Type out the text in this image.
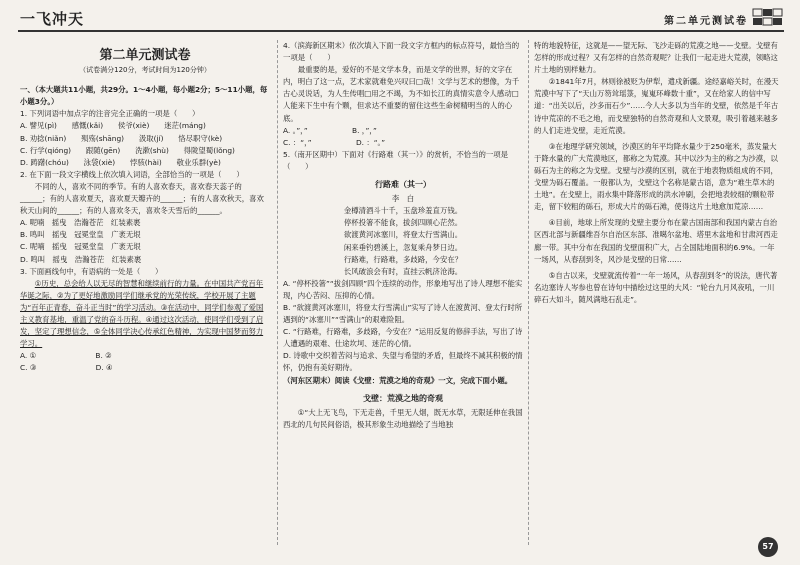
一飞冲天	第二单元测试卷
第二单元测试卷
（试卷满分120分，考试时间为120分钟）

一、（本大题共11小题，共29分。1～4小题，每小题2分；5～11小题，每小题3分。）

1. 下列词语中加点字的注音完全正确的一项是（　　）

A. 譬见(pì)　　感慨(kǎi)　　侯爷(xiè)　　迷茫(máng)

B. 劝捻(niǎn)　　殒殇(shāng)　　汲取(jí)　　恪尽职守(kè)

C. 行学(qióng)　　跟随(gēn)　　洗漱(shù)　　得陇望蜀(lǒng)

D. 踌躇(chóu)　　泳袋(xiè)　　悖骇(hài)　　敬业乐群(yè)

2. 在下面一段文字横线上依次填入词语，全部恰当的一项是（　　）

不同的人，喜欢不同的季节。有的人喜欢春天，喜欢春天蕊子的______；有的人喜欢夏天，喜欢夏天瓣卉的______；有的人喜欢秋天，喜欢秋天山间的______；有的人喜欢冬天，喜欢冬天雪后的______。

A. 呢喃　摇曳　浩瀚苍茫　红装素裹

B. 鸣叫　摇曳　冠冕堂皇　广袤无垠

C. 呢喃　摇曳　冠冕堂皇　广袤无垠

D. 鸣叫　摇曳　浩瀚苍茫　红装素裹

3. 下面画线句中，有语病的一处是（　　）

①历史，总会给人以无尽的智慧和继续前行的力量。在中国共产党百年华诞之际，②为了更好地激励同学们继承党的光荣传统，学校开展了主题为“百年正青春，奋斗正当时”的学习活动。③在活动中，同学们参观了爱国主义教育基地，重温了党的奋斗历程。④通过这次活动，使同学们受到了启发，坚定了理想信念，⑤全体同学决心传承红色精神，为实现中国梦而努力学习。

A. ①　　　　　　　　B. ②

C. ③　　　　　　　　D. ④

4.（滨海新区期末）依次填入下面一段文字方框内的标点符号，最恰当的一项是（　　）

最重要的是，爱好的不是文学本身，而是文学的世界，好的文字在内，明白了这一点，艺术家就难免兴叹曰□哉！文学与艺术的想像，为千古心灵说话，为人生传唱□用之不竭，为不如长江的真情实意令人感动□人能来下生中有个颗，但求达不重要的留住这些生命树精明当的人的心底。

A. 。”，”　　　　　　B. ，”，”

C. ：“，”　　　　　　D. ：“。”

5.（南开区期中）下面对《行路难（其一）》的赏析，不恰当的一项是（　　）

行路难（其一）

李　白

金樽清酒斗十千，玉盘珍羞直万钱。

停杯投箸不能食，拔剑四顾心茫然。

欲渡黄河冰塞川，将登太行雪满山。

闲来垂钓碧溪上，忽复乘舟梦日边。

行路难，行路难，多歧路，今安在？

长风破浪会有时，直挂云帆济沧海。

A. “停杯投箸”“拔剑四顾”四个连续的动作，形象地写出了诗人理想不能实现，内心苦闷、压抑的心情。

B. “欲渡黄河冰塞川，将登太行雪满山”实写了诗人在渡黄河、登太行时所遇到的“冰塞川”“雪满山”的艰难险阻。

C. “行路难，行路难，多歧路，今安在？”运用反复的修辞手法，写出了诗人遭遇的艰难、仕途坎坷、迷茫的心情。

D. 诗歌中交织着苦闷与追求、失望与希望的矛盾，但最终不减其积极的情怀，仍抱有美好期待。

（河东区期末）阅读《戈壁：荒漠之地的奇观》一文，完成下面小题。

戈壁：荒漠之地的奇观

①“大上无飞鸟，下无走兽，千里无人烟，既无水草，无限延伸在我国西北的几句民间俗语，极其形象生动地描绘了当地独

特的地貌特征，这就是——望无际、飞沙走砾的荒漠之地——戈壁。戈壁有怎样的形成过程？又有怎样的自然奇观呢？让我们一起走进大荒漠，领略这片土地的别样魅力。

②1841年7月，林则徐被贬为伊犁，遣戍新疆。途经嘉峪关时，在漫天荒漠中写下了“天山万笏耸瑶箓，嵬嵬环峰数十重”，又在给家人的信中写道：“出关以后，沙多而石少”……今人大多以为当年的戈壁，依然是千年古诗中荒凉的不毛之地，而戈壁独特的自然奇观和人文景观，吸引着越来越多的人们走进戈壁，走近荒漠。

③在地理学研究领域，沙漠区的年平均降水量少于250毫米，蒸发量大于降水量的广大荒漠地区，都称之为荒漠。其中以沙为主的称之为沙漠，以砾石为主的称之为戈壁。戈壁与沙漠的区别，就在于地表物质组成的不同，戈壁为砾石覆盖。一般都认为，戈壁这个名称是蒙古语，意为“难生草木的土地”。在戈壁上，雨水集中降落形成的洪水冲刷，会把地表较细的颗粒带走，留下较粗的砾石，形成大片的砾石滩，使得这片土地愈加荒凉……

④目前，地球上所发现的戈壁主要分布在蒙古国南部和我国内蒙古自治区西北部与新疆维吾尔自治区东部、准噶尔盆地、塔里木盆地和甘肃河西走廊一带。其中分布在我国的戈壁面积广大，占全国陆地面积的6.9%。一年一场风，从春刮到冬，风沙是戈壁的日常……

⑤自古以来，戈壁就流传着“一年一场风，从春刮到冬”的说法，唐代著名边塞诗人岑参也曾在诗句中描绘过这里的大风：“轮台九月风夜吼，一川碎石大如斗，随风满地石乱走”。

57
